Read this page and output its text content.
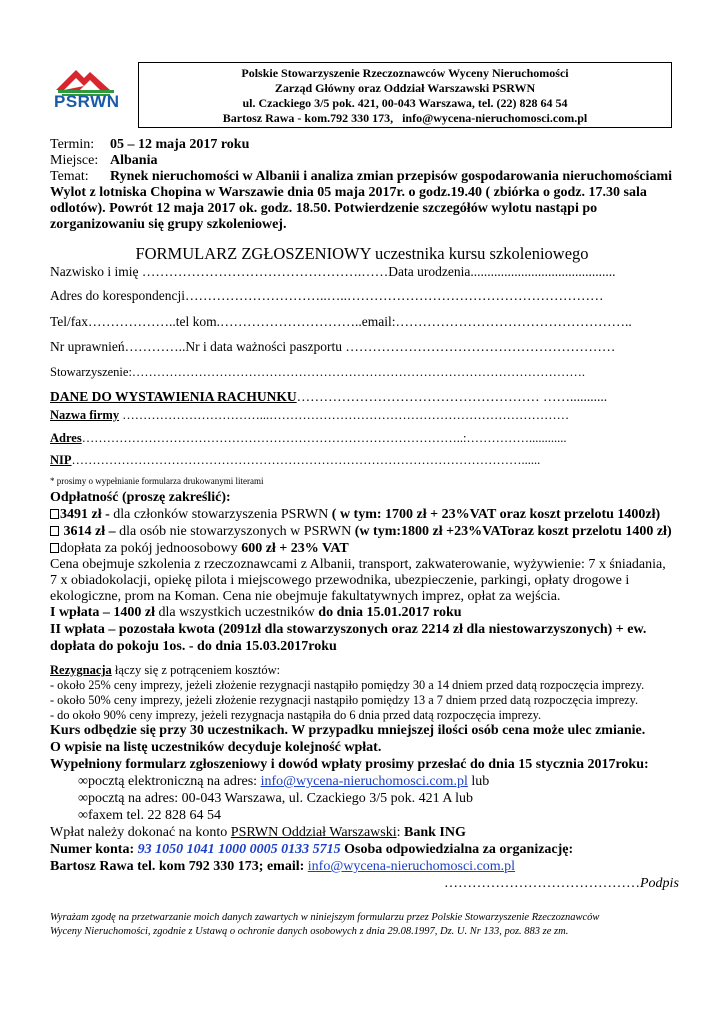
PSRWN
Polskie Stowarzyszenie Rzeczoznawców Wyceny Nieruchomości
Zarząd Główny oraz Oddział Warszawski PSRWN
ul. Czackiego 3/5 pok. 421, 00-043 Warszawa, tel. (22) 828 64 54
Bartosz Rawa - kom.792 330 173, info@wycena-nieruchomosci.com.pl
Termin: 05 – 12 maja 2017 roku
Miejsce: Albania
Temat: Rynek nieruchomości w Albanii i analiza zmian przepisów gospodarowania nieruchomościami
Wylot z lotniska Chopina w Warszawie dnia 05 maja 2017r. o godz.19.40 ( zbiórka o godz. 17.30 sala
odlotów). Powrót 12 maja 2017 ok. godz. 18.50. Potwierdzenie szczegółów wylotu nastąpi po
zorganizowaniu się grupy szkoleniowej.
FORMULARZ ZGŁOSZENIOWY uczestnika kursu szkoleniowego
Nazwisko i imię ………………………………………….……Data urodzenia...........................................
Adres do korespondencji…………………………..…..…………………………………………………
Tel/fax………………..tel kom.…………………………..email:……………………………………………..
Nr uprawnień…………..Nr i data ważności paszportu ……………………………………………………
Stowarzyszenie:……………………………………………………………………………………………….
DANE DO WYSTAWIENIA RACHUNKU……………………………………………… ……...........
Nazwa firmy ……………………………...………………………………………………………………
Adres………………………………………………………………………………..:……………............
NIP………………………………………………………………………………………………......
* prosimy o wypełnianie formularza drukowanymi literami
Odpłatność (proszę zakreślić):
3491 zł - dla członków stowarzyszenia PSRWN ( w tym: 1700 zł + 23%VAT oraz koszt przelotu 1400zł)
3614 zł – dla osób nie stowarzyszonych w PSRWN (w tym:1800 zł +23%VAToraz koszt przelotu 1400 zł)
dopłata za pokój jednoosobowy 600 zł + 23% VAT
Cena obejmuje szkolenia z rzeczoznawcami z Albanii, transport, zakwaterowanie, wyżywienie: 7 x śniadania,
7 x obiadokolacji, opiekę pilota i miejscowego przewodnika, ubezpieczenie, parkingi, opłaty drogowe i
ekologiczne, prom na Koman. Cena nie obejmuje fakultatywnych imprez, opłat za wejścia.
I wpłata – 1400 zł dla wszystkich uczestników do dnia 15.01.2017 roku
II wpłata – pozostała kwota (2091zł dla stowarzyszonych oraz 2214 zł dla niestowarzyszonych) + ew.
dopłata do pokoju 1os. - do dnia 15.03.2017roku
Rezygnacja łączy się z potrąceniem kosztów:
- około 25% ceny imprezy, jeżeli złożenie rezygnacji nastąpiło pomiędzy 30 a 14 dniem przed datą rozpoczęcia imprezy.
- około 50% ceny imprezy, jeżeli złożenie rezygnacji nastąpiło pomiędzy 13 a 7 dniem przed datą rozpoczęcia imprezy.
- do około 90% ceny imprezy, jeżeli rezygnacja nastąpiła do 6 dnia przed datą rozpoczęcia imprezy.
Kurs odbędzie się przy 30 uczestnikach. W przypadku mniejszej ilości osób cena może ulec zmianie.
O wpisie na listę uczestników decyduje kolejność wpłat.
Wypełniony formularz zgłoszeniowy i dowód wpłaty prosimy przesłać do dnia 15 stycznia 2017roku:
∞pocztą elektroniczną na adres: info@wycena-nieruchomosci.com.pl lub
∞pocztą na adres: 00-043 Warszawa, ul. Czackiego 3/5 pok. 421 A lub
∞faxem tel. 22 828 64 54
Wpłat należy dokonać na konto PSRWN Oddział Warszawski: Bank ING
Numer konta: 93 1050 1041 1000 0005 0133 5715 Osoba odpowiedzialna za organizację:
Bartosz Rawa tel. kom 792 330 173; email: info@wycena-nieruchomosci.com.pl
……………………………………Podpis
Wyrażam zgodę na przetwarzanie moich danych zawartych w niniejszym formularzu przez Polskie Stowarzyszenie Rzeczoznawców
Wyceny Nieruchomości, zgodnie z Ustawą o ochronie danych osobowych z dnia 29.08.1997, Dz. U. Nr 133, poz. 883 ze zm.
